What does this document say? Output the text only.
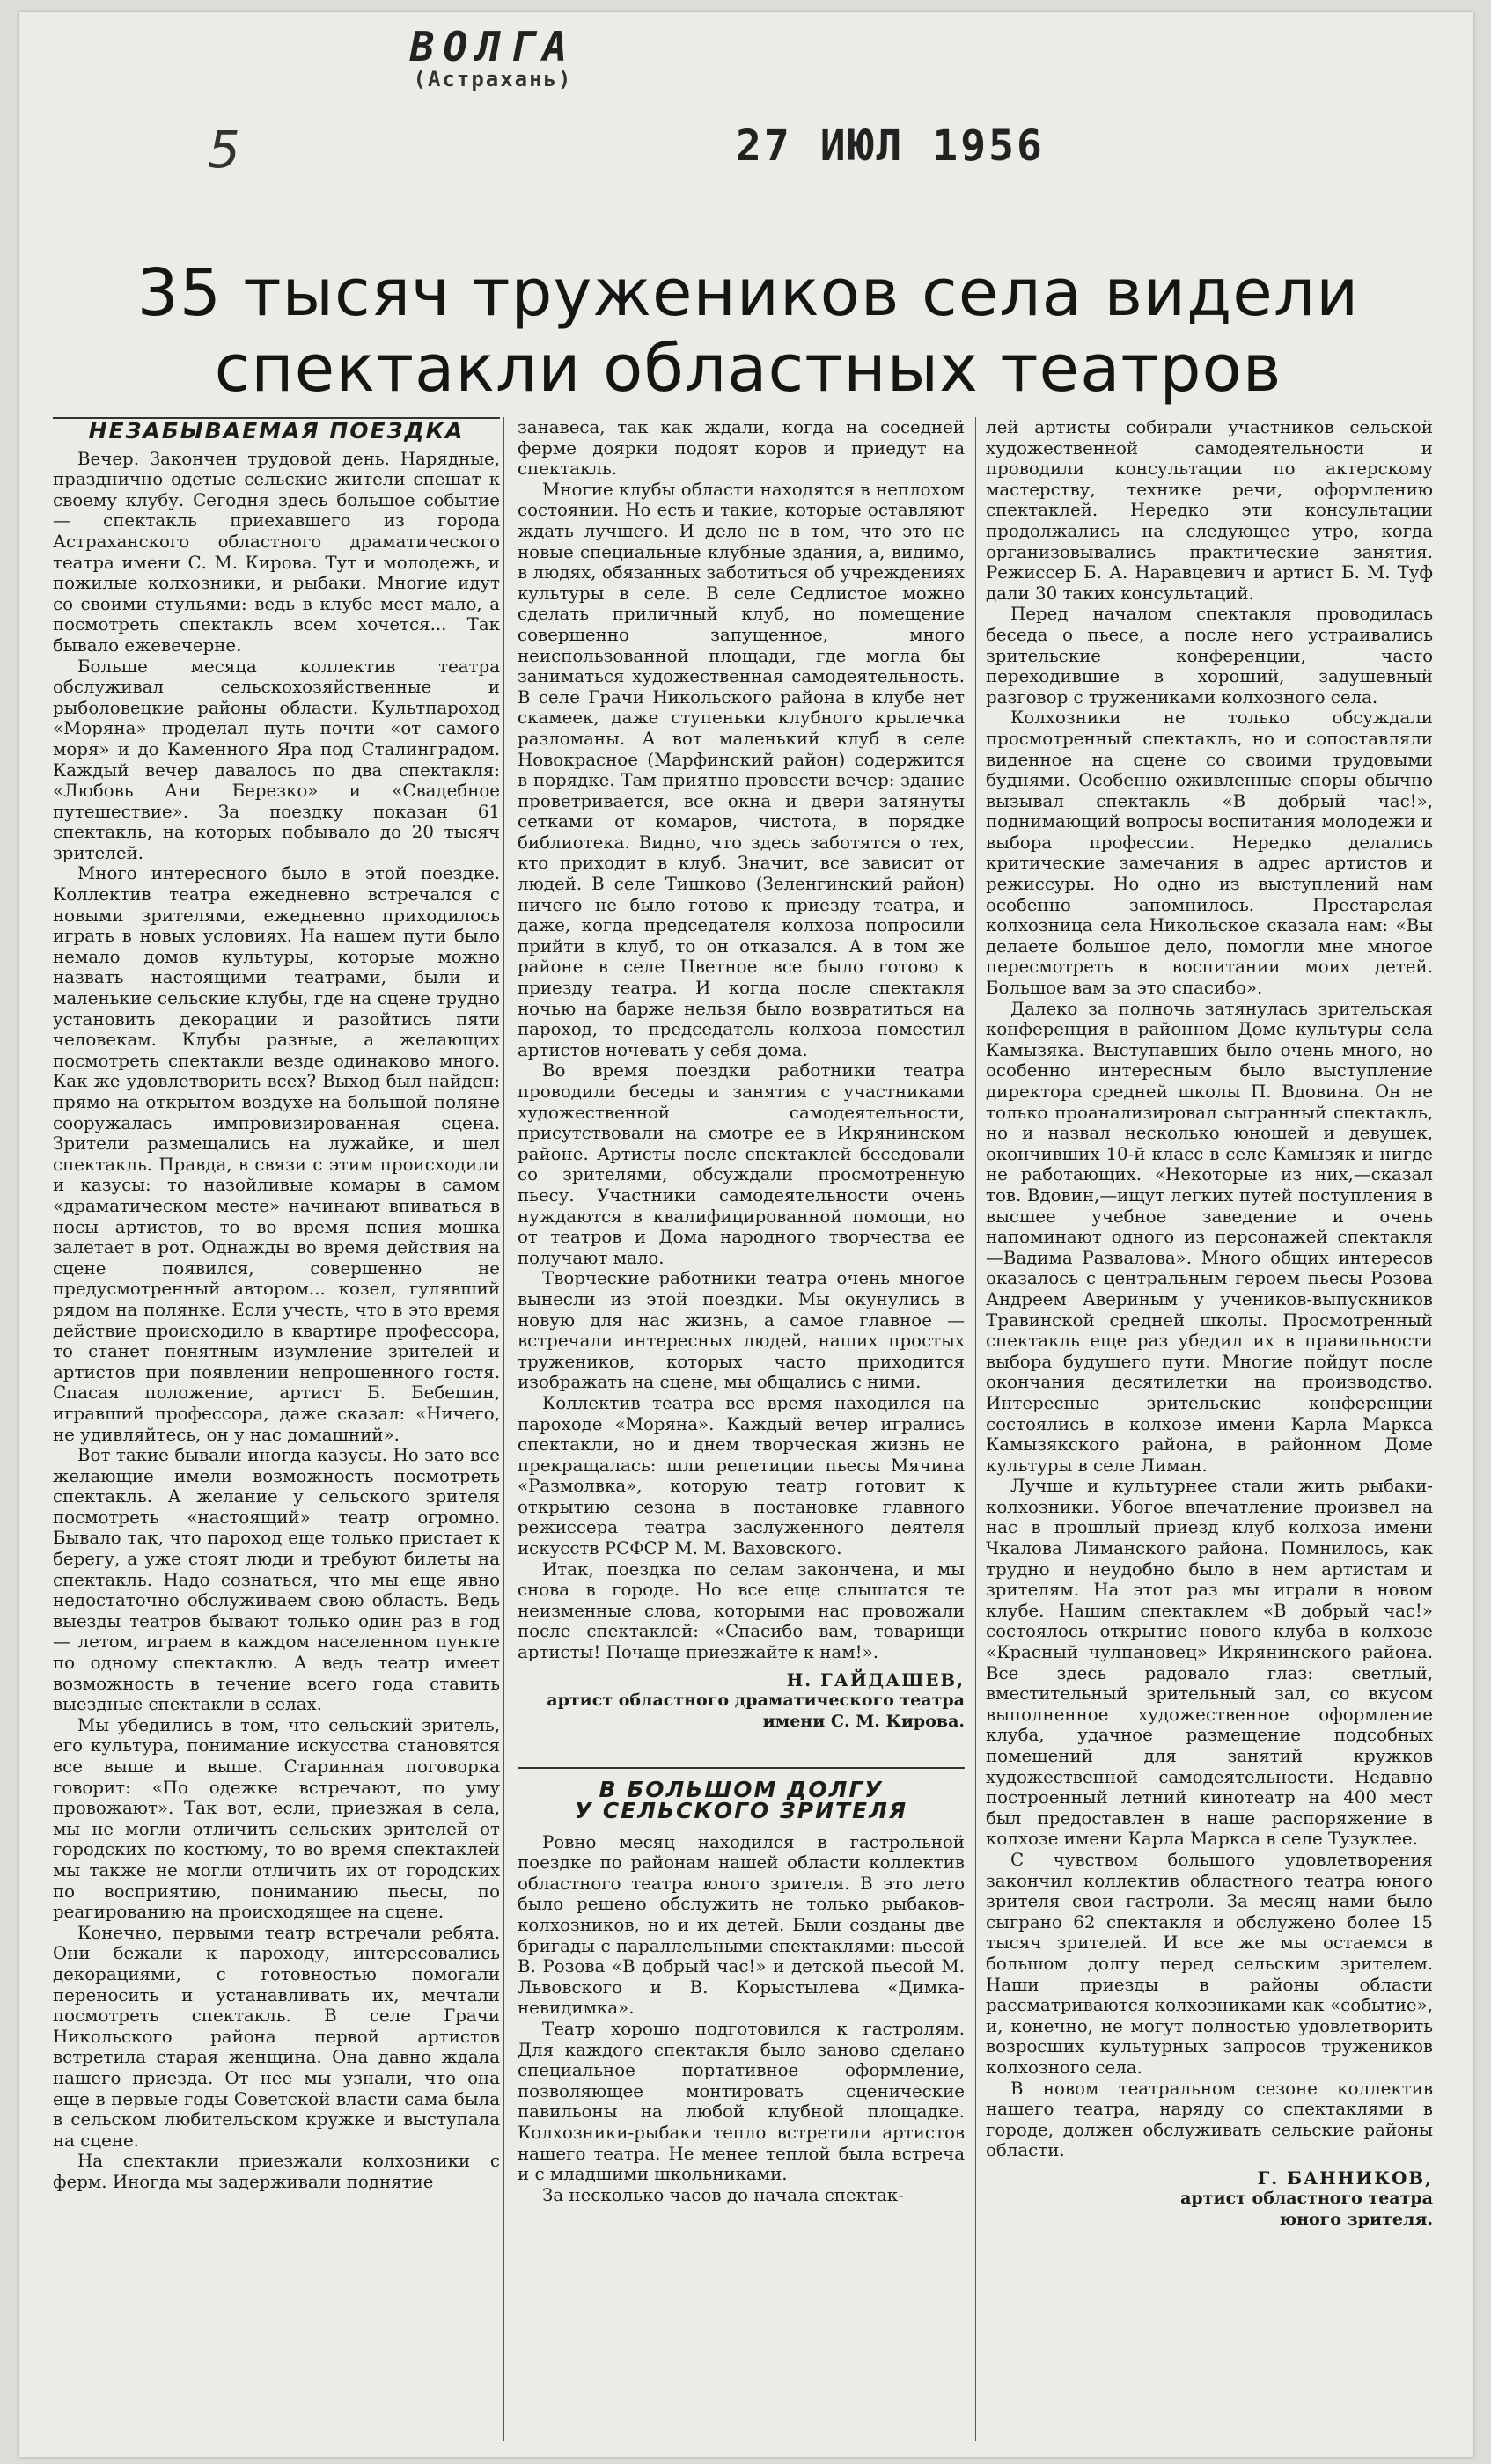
ВОЛГА
(Астрахань)
5	27 ИЮЛ 1956
35 тысяч тружеников села видели
спектакли областных театров
НЕЗАБЫВАЕМАЯ ПОЕЗДКА

Вечер. Закончен трудовой день. Нарядные, празднично одетые сельские жители спешат к своему клубу. Сегодня здесь большое событие — спектакль приехавшего из города Астраханского областного драматического театра имени С. М. Кирова. Тут и молодежь, и пожилые колхозники, и рыбаки. Многие идут со своими стульями: ведь в клубе мест мало, а посмотреть спектакль всем хочется... Так бывало ежевечерне.

Больше месяца коллектив театра обслуживал сельскохозяйственные и рыболовецкие районы области. Культпароход «Моряна» проделал путь почти «от самого моря» и до Каменного Яра под Сталинградом. Каждый вечер давалось по два спектакля: «Любовь Ани Березко» и «Свадебное путешествие». За поездку показан 61 спектакль, на которых побывало до 20 тысяч зрителей.

Много интересного было в этой поездке. Коллектив театра ежедневно встречался с новыми зрителями, ежедневно приходилось играть в новых условиях. На нашем пути было немало домов культуры, которые можно назвать настоящими театрами, были и маленькие сельские клубы, где на сцене трудно установить декорации и разойтись пяти человекам. Клубы разные, а желающих посмотреть спектакли везде одинаково много. Как же удовлетворить всех? Выход был найден: прямо на открытом воздухе на большой поляне сооружалась импровизированная сцена. Зрители размещались на лужайке, и шел спектакль. Правда, в связи с этим происходили и казусы: то назойливые комары в самом «драматическом месте» начинают впиваться в носы артистов, то во время пения мошка залетает в рот. Однажды во время действия на сцене появился, совершенно не предусмотренный автором... козел, гулявший рядом на полянке. Если учесть, что в это время действие происходило в квартире профессора, то станет понятным изумление зрителей и артистов при появлении непрошенного гостя. Спасая положение, артист Б. Бебешин, игравший профессора, даже сказал: «Ничего, не удивляйтесь, он у нас домашний».

Вот такие бывали иногда казусы. Но зато все желающие имели возможность посмотреть спектакль. А желание у сельского зрителя посмотреть «настоящий» театр огромно. Бывало так, что пароход еще только пристает к берегу, а уже стоят люди и требуют билеты на спектакль. Надо сознаться, что мы еще явно недостаточно обслуживаем свою область. Ведь выезды театров бывают только один раз в год — летом, играем в каждом населенном пункте по одному спектаклю. А ведь театр имеет возможность в течение всего года ставить выездные спектакли в селах.

Мы убедились в том, что сельский зритель, его культура, понимание искусства становятся все выше и выше. Старинная поговорка говорит: «По одежке встречают, по уму провожают». Так вот, если, приезжая в села, мы не могли отличить сельских зрителей от городских по костюму, то во время спектаклей мы также не могли отличить их от городских по восприятию, пониманию пьесы, по реагированию на происходящее на сцене.

Конечно, первыми театр встречали ребята. Они бежали к пароходу, интересовались декорациями, с готовностью помогали переносить и устанавливать их, мечтали посмотреть спектакль. В селе Грачи Никольского района первой артистов встретила старая женщина. Она давно ждала нашего приезда. От нее мы узнали, что она еще в первые годы Советской власти сама была в сельском любительском кружке и выступала на сцене.

На спектакли приезжали колхозники с ферм. Иногда мы задерживали поднятие

занавеса, так как ждали, когда на соседней ферме доярки подоят коров и приедут на спектакль.

Многие клубы области находятся в неплохом состоянии. Но есть и такие, которые оставляют ждать лучшего. И дело не в том, что это не новые специальные клубные здания, а, видимо, в людях, обязанных заботиться об учреждениях культуры в селе. В селе Седлистое можно сделать приличный клуб, но помещение совершенно запущенное, много неиспользованной площади, где могла бы заниматься художественная самодеятельность. В селе Грачи Никольского района в клубе нет скамеек, даже ступеньки клубного крылечка разломаны. А вот маленький клуб в селе Новокрасное (Марфинский район) содержится в порядке. Там приятно провести вечер: здание проветривается, все окна и двери затянуты сетками от комаров, чистота, в порядке библиотека. Видно, что здесь заботятся о тех, кто приходит в клуб. Значит, все зависит от людей. В селе Тишково (Зеленгинский район) ничего не было готово к приезду театра, и даже, когда председателя колхоза попросили прийти в клуб, то он отказался. А в том же районе в селе Цветное все было готово к приезду театра. И когда после спектакля ночью на барже нельзя было возвратиться на пароход, то председатель колхоза поместил артистов ночевать у себя дома.

Во время поездки работники театра проводили беседы и занятия с участниками художественной самодеятельности, присутствовали на смотре ее в Икрянинском районе. Артисты после спектаклей беседовали со зрителями, обсуждали просмотренную пьесу. Участники самодеятельности очень нуждаются в квалифицированной помощи, но от театров и Дома народного творчества ее получают мало.

Творческие работники театра очень многое вынесли из этой поездки. Мы окунулись в новую для нас жизнь, а самое главное — встречали интересных людей, наших простых тружеников, которых часто приходится изображать на сцене, мы общались с ними.

Коллектив театра все время находился на пароходе «Моряна». Каждый вечер игрались спектакли, но и днем творческая жизнь не прекращалась: шли репетиции пьесы Мячина «Размолвка», которую театр готовит к открытию сезона в постановке главного режиссера театра заслуженного деятеля искусств РСФСР М. М. Ваховского.

Итак, поездка по селам закончена, и мы снова в городе. Но все еще слышатся те неизменные слова, которыми нас провожали после спектаклей: «Спасибо вам, товарищи артисты! Почаще приезжайте к нам!».

Н. ГАЙДАШЕВ,
артист областного драматического театра имени С. М. Кирова.
В БОЛЬШОМ ДОЛГУ
У СЕЛЬСКОГО ЗРИТЕЛЯ

Ровно месяц находился в гастрольной поездке по районам нашей области коллектив областного театра юного зрителя. В это лето было решено обслужить не только рыбаков-колхозников, но и их детей. Были созданы две бригады с параллельными спектаклями: пьесой В. Розова «В добрый час!» и детской пьесой М. Львовского и В. Корыстылева «Димка-невидимка».

Театр хорошо подготовился к гастролям. Для каждого спектакля было заново сделано специальное портативное оформление, позволяющее монтировать сценические павильоны на любой клубной площадке. Колхозники-рыбаки тепло встретили артистов нашего театра. Не менее теплой была встреча и с младшими школьниками.

За несколько часов до начала спектак-

лей артисты собирали участников сельской художественной самодеятельности и проводили консультации по актерскому мастерству, технике речи, оформлению спектаклей. Нередко эти консультации продолжались на следующее утро, когда организовывались практические занятия. Режиссер Б. А. Наравцевич и артист Б. М. Туф дали 30 таких консультаций.

Перед началом спектакля проводилась беседа о пьесе, а после него устраивались зрительские конференции, часто переходившие в хороший, задушевный разговор с тружениками колхозного села.

Колхозники не только обсуждали просмотренный спектакль, но и сопоставляли виденное на сцене со своими трудовыми буднями. Особенно оживленные споры обычно вызывал спектакль «В добрый час!», поднимающий вопросы воспитания молодежи и выбора профессии. Нередко делались критические замечания в адрес артистов и режиссуры. Но одно из выступлений нам особенно запомнилось. Престарелая колхозница села Никольское сказала нам: «Вы делаете большое дело, помогли мне многое пересмотреть в воспитании моих детей. Большое вам за это спасибо».

Далеко за полночь затянулась зрительская конференция в районном Доме культуры села Камызяка. Выступавших было очень много, но особенно интересным было выступление директора средней школы П. Вдовина. Он не только проанализировал сыгранный спектакль, но и назвал несколько юношей и девушек, окончивших 10-й класс в селе Камызяк и нигде не работающих. «Некоторые из них,—сказал тов. Вдовин,—ищут легких путей поступления в высшее учебное заведение и очень напоминают одного из персонажей спектакля—Вадима Развалова». Много общих интересов оказалось с центральным героем пьесы Розова Андреем Авериным у учеников-выпускников Травинской средней школы. Просмотренный спектакль еще раз убедил их в правильности выбора будущего пути. Многие пойдут после окончания десятилетки на производство. Интересные зрительские конференции состоялись в колхозе имени Карла Маркса Камызякского района, в районном Доме культуры в селе Лиман.

Лучше и культурнее стали жить рыбаки-колхозники. Убогое впечатление произвел на нас в прошлый приезд клуб колхоза имени Чкалова Лиманского района. Помнилось, как трудно и неудобно было в нем артистам и зрителям. На этот раз мы играли в новом клубе. Нашим спектаклем «В добрый час!» состоялось открытие нового клуба в колхозе «Красный чулпановец» Икрянинского района. Все здесь радовало глаз: светлый, вместительный зрительный зал, со вкусом выполненное художественное оформление клуба, удачное размещение подсобных помещений для занятий кружков художественной самодеятельности. Недавно построенный летний кинотеатр на 400 мест был предоставлен в наше распоряжение в колхозе имени Карла Маркса в селе Тузуклее.

С чувством большого удовлетворения закончил коллектив областного театра юного зрителя свои гастроли. За месяц нами было сыграно 62 спектакля и обслужено более 15 тысяч зрителей. И все же мы остаемся в большом долгу перед сельским зрителем. Наши приезды в районы области рассматриваются колхозниками как «событие», и, конечно, не могут полностью удовлетворить возросших культурных запросов тружеников колхозного села.

В новом театральном сезоне коллектив нашего театра, наряду со спектаклями в городе, должен обслуживать сельские районы области.

Г. БАННИКОВ,
артист областного театра
юного зрителя.
